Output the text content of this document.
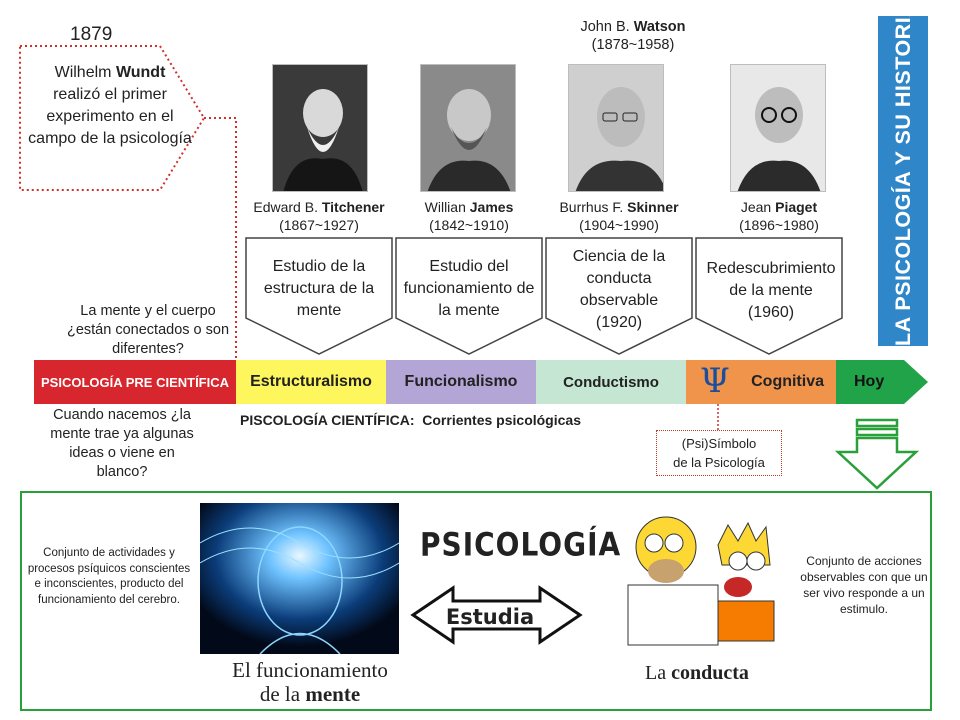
LA PSICOLOGÍA Y SU HISTORIA
1879
Wilhelm Wundt
realizó el primer experimento en el campo de la psicología
John B. Watson
(1878~1958)
Edward B. Titchener
(1867~1927)
Willian James
(1842~1910)
Burrhus F. Skinner
(1904~1990)
Jean Piaget
(1896~1980)
Estudio de la estructura de la mente
Estudio del funcionamiento de la mente
Ciencia de la conducta observable
(1920)
Redescubrimiento de la mente
(1960)
La mente y el cuerpo ¿están conectados o son diferentes?
Cuando nacemos ¿la mente trae ya algunas ideas o viene en blanco?
PSICOLOGÍA PRE CIENTÍFICA	Estructuralismo	Funcionalismo	Conductismo	Cognitiva
Ψ	Hoy
PISCOLOGÍA CIENTÍFICA: Corrientes psicológicas
(Psi)Símbolo
de la Psicología
Conjunto de actividades y procesos psíquicos conscientes e inconscientes, producto del funcionamiento del cerebro.
PSICOLOGÍA
Estudia
Conjunto de acciones observables con que un ser vivo responde a un estimulo.
El funcionamiento
de la mente
La conducta
